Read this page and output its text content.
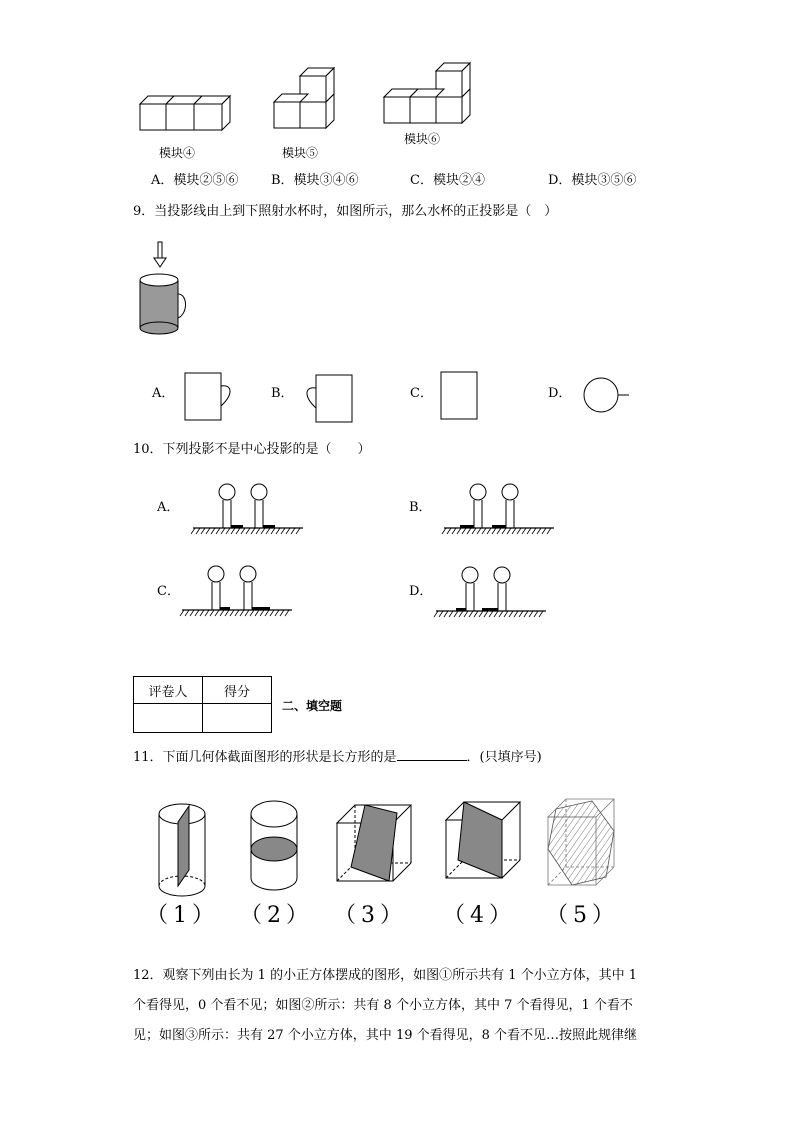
模块④	模块⑤
模块⑥
A．模块②⑤⑥	B．模块③④⑥	C．模块②④	D．模块③⑤⑥
9．当投影线由上到下照射水杯时，如图所示，那么水杯的正投影是（　）
A．	B．	C．	D．
10．下列投影不是中心投影的是（　　）
A．	B．
C．	D．
评卷人	得分

二、填空题
11．下面几何体截面图形的形状是长方形的是	．(只填序号)
（1） （2） （3） （4） （5）
12．观察下列由长为 1 的小正方体摆成的图形，如图①所示共有 1 个小立方体，其中 1
个看得见，0 个看不见；如图②所示：共有 8 个小立方体，其中 7 个看得见，1 个看不
见；如图③所示：共有 27 个小立方体，其中 19 个看得见，8 个看不见…按照此规律继
